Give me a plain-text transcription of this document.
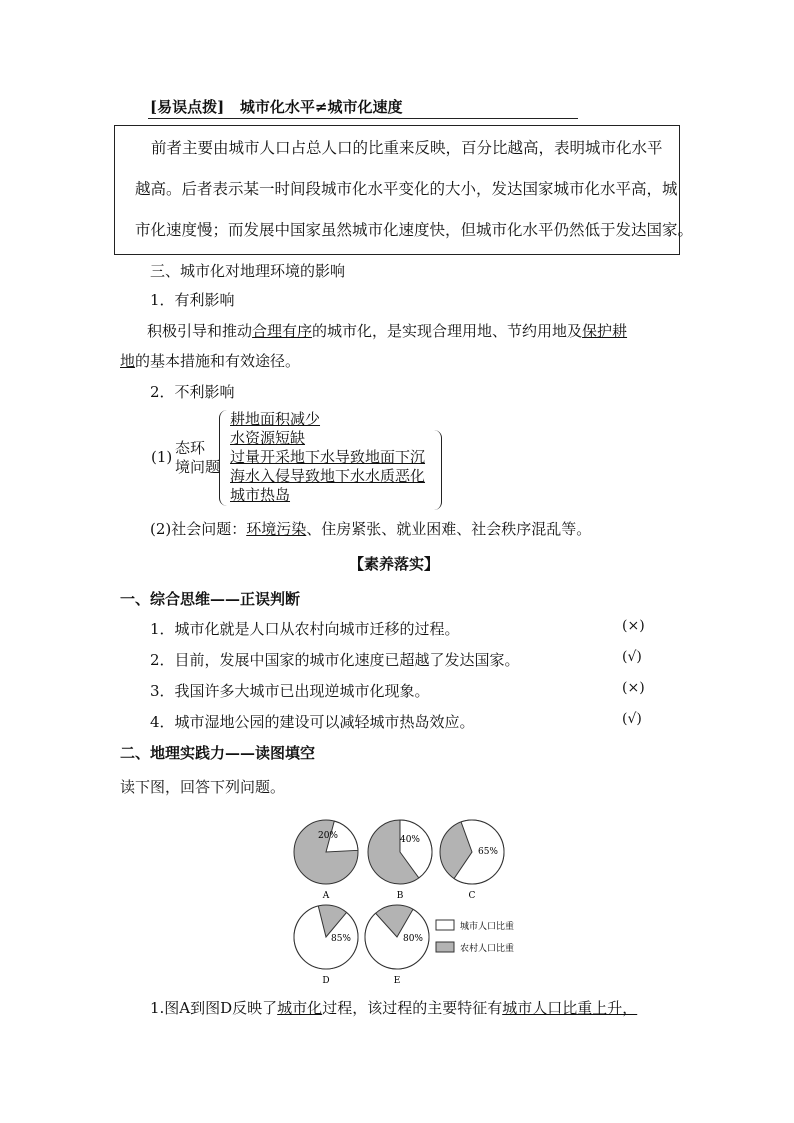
[易误点拨] 城市化水平≠城市化速度
前者主要由城市人口占总人口的比重来反映，百分比越高，表明城市化水平
越高。后者表示某一时间段城市化水平变化的大小，发达国家城市化水平高，城
市化速度慢；而发展中国家虽然城市化速度快，但城市化水平仍然低于发达国家。
三、城市化对地理环境的影响
1．有利影响
积极引导和推动合理有序的城市化，是实现合理用地、节约用地及保护耕
地的基本措施和有效途径。
2．不利影响
(1) 态环
境问题
耕地面积减少
水资源短缺
过量开采地下水导致地面下沉
海水入侵导致地下水水质恶化
城市热岛
(2)社会问题：环境污染、住房紧张、就业困难、社会秩序混乱等。
【素养落实】
一、综合思维——正误判断
1．城市化就是人口从农村向城市迁移的过程。	(×)
2．目前，发展中国家的城市化速度已超越了发达国家。	(√)
3．我国许多大城市已出现逆城市化现象。	(×)
4．城市湿地公园的建设可以减轻城市热岛效应。	(√)
二、地理实践力——读图填空
读下图，回答下列问题。
20%
A
40%
B
65%
C
85%
D
80%
E
城市人口比重
农村人口比重
1.图A到图D反映了城市化过程，该过程的主要特征有城市人口比重上升，
